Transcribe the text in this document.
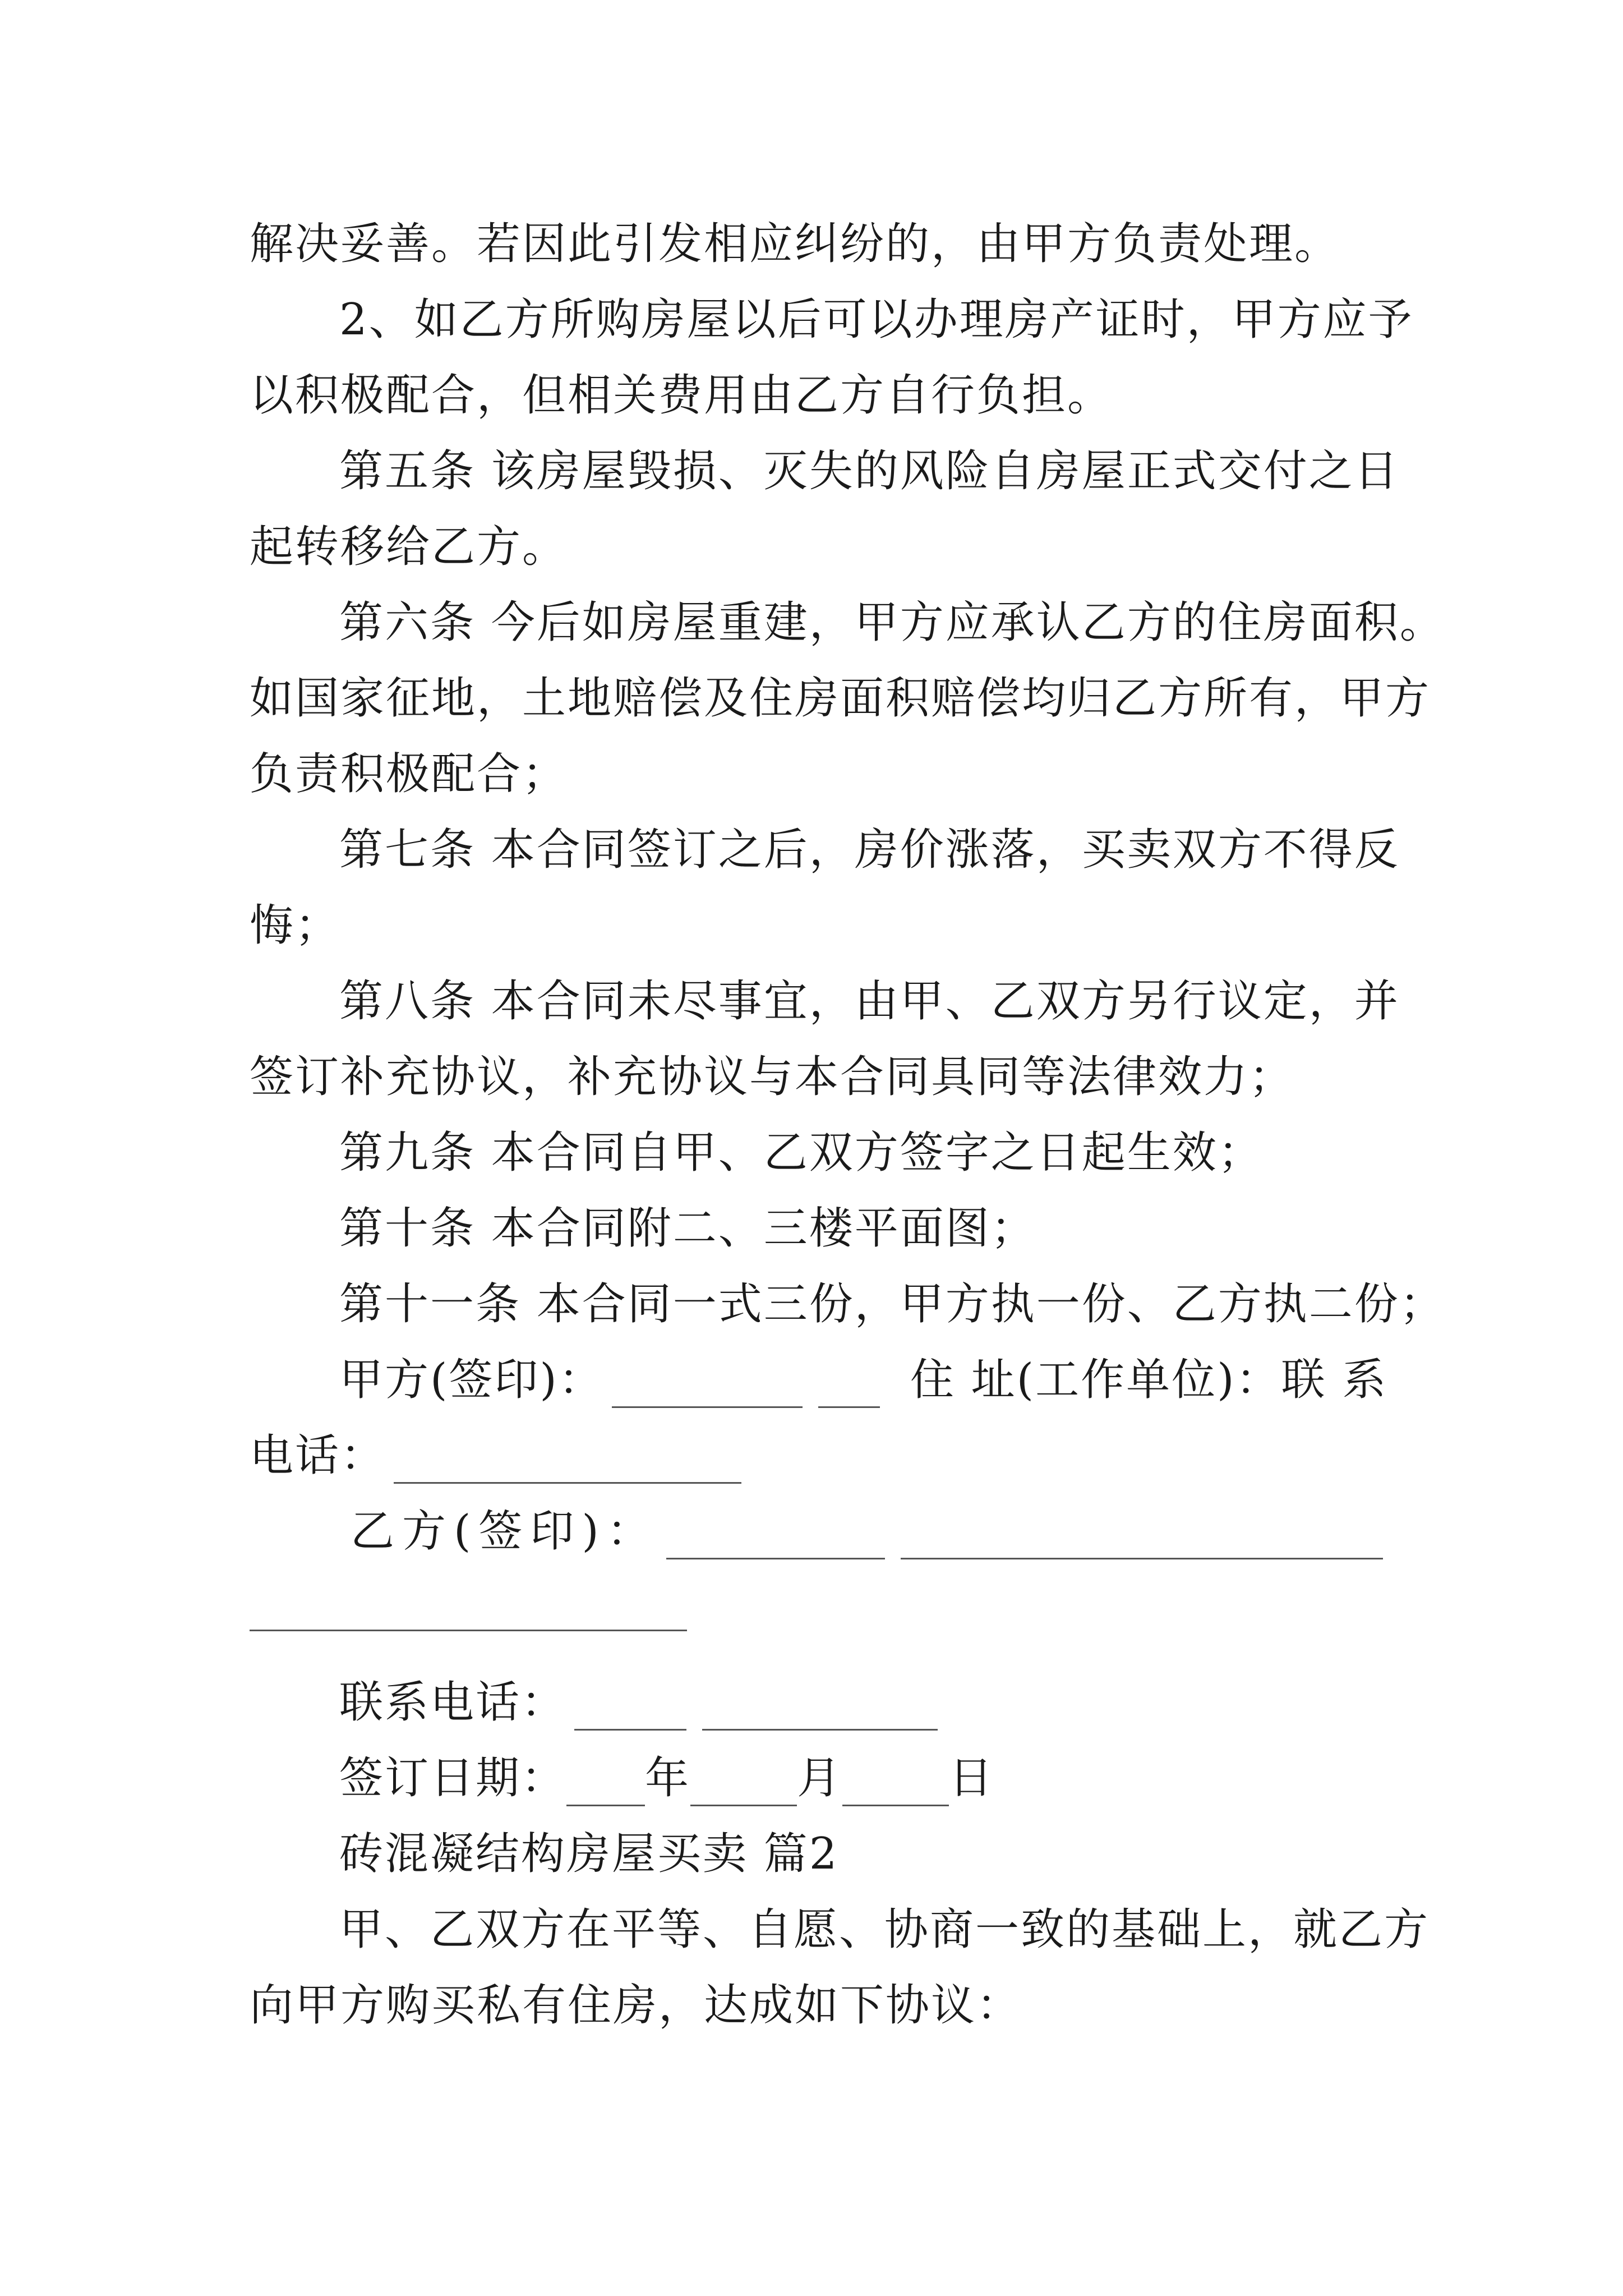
解决妥善。若因此引发相应纠纷的，由甲方负责处理。
2、如乙方所购房屋以后可以办理房产证时，甲方应予
以积极配合，但相关费用由乙方自行负担。
第五条 该房屋毁损、灭失的风险自房屋正式交付之日
起转移给乙方。
第六条 今后如房屋重建，甲方应承认乙方的住房面积。
如国家征地，土地赔偿及住房面积赔偿均归乙方所有，甲方
负责积极配合；
第七条 本合同签订之后，房价涨落，买卖双方不得反
悔；
第八条 本合同未尽事宜，由甲、乙双方另行议定，并
签订补充协议，补充协议与本合同具同等法律效力；
第九条 本合同自甲、乙双方签字之日起生效；
第十条 本合同附二、三楼平面图；
第十一条 本合同一式三份，甲方执一份、乙方执二份；
甲方(签印)：	住 址(工作单位)：联 系
电话：
乙方(签印)：
联系电话：
签订日期： 年 月 日
砖混凝结构房屋买卖 篇2
甲、乙双方在平等、自愿、协商一致的基础上，就乙方
向甲方购买私有住房，达成如下协议：
